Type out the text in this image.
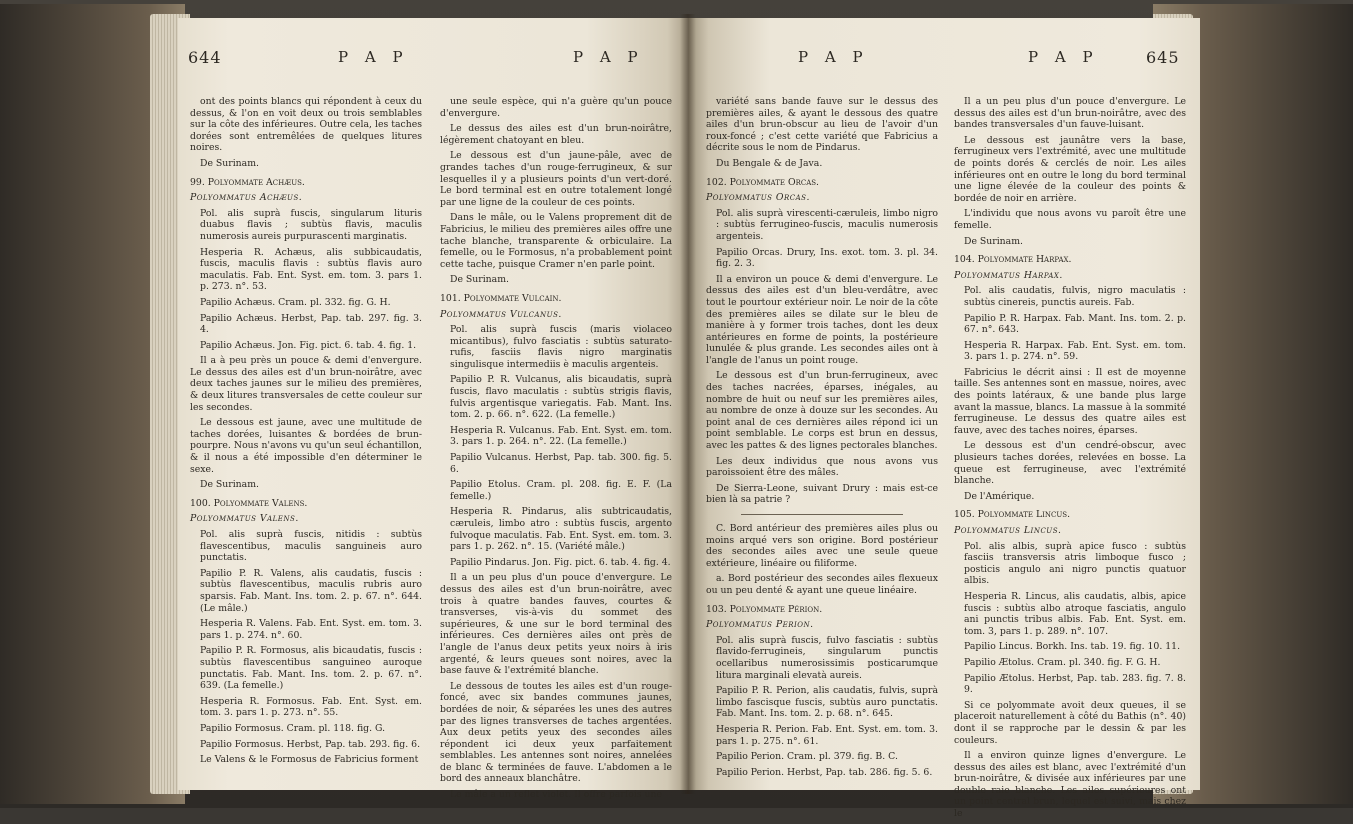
644	P A P	P A P

ont des points blancs qui répondent à ceux du dessus, & l'on en voit deux ou trois semblables sur la côte des inférieures. Outre cela, les taches dorées sont entremêlées de quelques litures noires.

De Surinam.

99. Polyommate Achæus.

Polyommatus Achæus.

Pol. alis suprà fuscis, singularum lituris duabus flavis ; subtùs flavis, maculis numerosis aureis purpurascenti marginatis.

Hesperia R. Achæus, alis subbicaudatis, fuscis, maculis flavis : subtùs flavis auro maculatis. Fab. Ent. Syst. em. tom. 3. pars 1. p. 273. n°. 53.

Papilio Achæus. Cram. pl. 332. fig. G. H.

Papilio Achæus. Herbst, Pap. tab. 297. fig. 3. 4.

Papilio Achæus. Jon. Fig. pict. 6. tab. 4. fig. 1.

Il a à peu près un pouce & demi d'envergure. Le dessus des ailes est d'un brun-noirâtre, avec deux taches jaunes sur le milieu des premières, & deux litures transversales de cette couleur sur les secondes.

Le dessous est jaune, avec une multitude de taches dorées, luisantes & bordées de brun-pourpre. Nous n'avons vu qu'un seul échantillon, & il nous a été impossible d'en déterminer le sexe.

De Surinam.

100. Polyommate Valens.

Polyommatus Valens.

Pol. alis suprà fuscis, nitidis : subtùs flavescentibus, maculis sanguineis auro punctatis.

Papilio P. R. Valens, alis caudatis, fuscis : subtùs flavescentibus, maculis rubris auro sparsis. Fab. Mant. Ins. tom. 2. p. 67. n°. 644. (Le mâle.)

Hesperia R. Valens. Fab. Ent. Syst. em. tom. 3. pars 1. p. 274. n°. 60.

Papilio P. R. Formosus, alis bicaudatis, fuscis : subtùs flavescentibus sanguineo auroque punctatis. Fab. Mant. Ins. tom. 2. p. 67. n°. 639. (La femelle.)

Hesperia R. Formosus. Fab. Ent. Syst. em. tom. 3. pars 1. p. 273. n°. 55.

Papilio Formosus. Cram. pl. 118. fig. G.

Papilio Formosus. Herbst, Pap. tab. 293. fig. 6.

Le Valens & le Formosus de Fabricius forment

une seule espèce, qui n'a guère qu'un pouce d'envergure.

Le dessus des ailes est d'un brun-noirâtre, légèrement chatoyant en bleu.

Le dessous est d'un jaune-pâle, avec de grandes taches d'un rouge-ferrugineux, & sur lesquelles il y a plusieurs points d'un vert-doré. Le bord terminal est en outre totalement longé par une ligne de la couleur de ces points.

Dans le mâle, ou le Valens proprement dit de Fabricius, le milieu des premières ailes offre une tache blanche, transparente & orbiculaire. La femelle, ou le Formosus, n'a probablement point cette tache, puisque Cramer n'en parle point.

De Surinam.

101. Polyommate Vulcain.

Polyommatus Vulcanus.

Pol. alis suprà fuscis (maris violaceo micantibus), fulvo fasciatis : subtùs saturato-rufis, fasciis flavis nigro marginatis singulisque intermediis è maculis argenteis.

Papilio P. R. Vulcanus, alis bicaudatis, suprà fuscis, flavo maculatis : subtùs strigis flavis, fulvis argentisque variegatis. Fab. Mant. Ins. tom. 2. p. 66. n°. 622. (La femelle.)

Hesperia R. Vulcanus. Fab. Ent. Syst. em. tom. 3. pars 1. p. 264. n°. 22. (La femelle.)

Papilio Vulcanus. Herbst, Pap. tab. 300. fig. 5. 6.

Papilio Etolus. Cram. pl. 208. fig. E. F. (La femelle.)

Hesperia R. Pindarus, alis subtricaudatis, cæruleis, limbo atro : subtùs fuscis, argento fulvoque maculatis. Fab. Ent. Syst. em. tom. 3. pars 1. p. 262. n°. 15. (Variété mâle.)

Papilio Pindarus. Jon. Fig. pict. 6. tab. 4. fig. 4.

Il a un peu plus d'un pouce d'envergure. Le dessus des ailes est d'un brun-noirâtre, avec trois à quatre bandes fauves, courtes & transverses, vis-à-vis du sommet des supérieures, & une sur le bord terminal des inférieures. Ces dernières ailes ont près de l'angle de l'anus deux petits yeux noirs à iris argenté, & leurs queues sont noires, avec la base fauve & l'extrémité blanche.

Le dessous de toutes les ailes est d'un rouge-foncé, avec six bandes communes jaunes, bordées de noir, & séparées les unes des autres par des lignes transverses de taches argentées. Aux deux petits yeux des secondes ailes répondent ici deux yeux parfaitement semblables. Les antennes sont noires, annelées de blanc & terminées de fauve. L'abdomen a le bord des anneaux blanchâtre.

Le mâle a un reflet violet. Il offre parfois une

P A P	P A P	645

variété sans bande fauve sur le dessus des premières ailes, & ayant le dessous des quatre ailes d'un brun-obscur au lieu de l'avoir d'un roux-foncé ; c'est cette variété que Fabricius a décrite sous le nom de Pindarus.

Du Bengale & de Java.

102. Polyommate Orcas.

Polyommatus Orcas.

Pol. alis suprà virescenti-cæruleis, limbo nigro : subtùs ferrugineo-fuscis, maculis numerosis argenteis.

Papilio Orcas. Drury, Ins. exot. tom. 3. pl. 34. fig. 2. 3.

Il a environ un pouce & demi d'envergure. Le dessus des ailes est d'un bleu-verdâtre, avec tout le pourtour extérieur noir. Le noir de la côte des premières ailes se dilate sur le bleu de manière à y former trois taches, dont les deux antérieures en forme de points, la postérieure lunulée & plus grande. Les secondes ailes ont à l'angle de l'anus un point rouge.

Le dessous est d'un brun-ferrugineux, avec des taches nacrées, éparses, inégales, au nombre de huit ou neuf sur les premières ailes, au nombre de onze à douze sur les secondes. Au point anal de ces dernières ailes répond ici un point semblable. Le corps est brun en dessus, avec les pattes & des lignes pectorales blanches.

Les deux individus que nous avons vus paroissoient être des mâles.

De Sierra-Leone, suivant Drury : mais est-ce bien là sa patrie ?

C. Bord antérieur des premières ailes plus ou moins arqué vers son origine. Bord postérieur des secondes ailes avec une seule queue extérieure, linéaire ou filiforme.

a. Bord postérieur des secondes ailes flexueux ou un peu denté & ayant une queue linéaire.

103. Polyommate Périon.

Polyommatus Perion.

Pol. alis suprà fuscis, fulvo fasciatis : subtùs flavido-ferrugineis, singularum punctis ocellaribus numerosissimis posticarumque litura marginali elevatà aureis.

Papilio P. R. Perion, alis caudatis, fulvis, suprà limbo fascisque fuscis, subtùs auro punctatis. Fab. Mant. Ins. tom. 2. p. 68. n°. 645.

Hesperia R. Perion. Fab. Ent. Syst. em. tom. 3. pars 1. p. 275. n°. 61.

Papilio Perion. Cram. pl. 379. fig. B. C.

Papilio Perion. Herbst, Pap. tab. 286. fig. 5. 6.

Il a un peu plus d'un pouce d'envergure. Le dessus des ailes est d'un brun-noirâtre, avec des bandes transversales d'un fauve-luisant.

Le dessous est jaunâtre vers la base, ferrugineux vers l'extrémité, avec une multitude de points dorés & cerclés de noir. Les ailes inférieures ont en outre le long du bord terminal une ligne élevée de la couleur des points & bordée de noir en arrière.

L'individu que nous avons vu paroît être une femelle.

De Surinam.

104. Polyommate Harpax.

Polyommatus Harpax.

Pol. alis caudatis, fulvis, nigro maculatis : subtùs cinereis, punctis aureis. Fab.

Papilio P. R. Harpax. Fab. Mant. Ins. tom. 2. p. 67. n°. 643.

Hesperia R. Harpax. Fab. Ent. Syst. em. tom. 3. pars 1. p. 274. n°. 59.

Fabricius le décrit ainsi : Il est de moyenne taille. Ses antennes sont en massue, noires, avec des points latéraux, & une bande plus large avant la massue, blancs. La massue à la sommité ferrugineuse. Le dessus des quatre ailes est fauve, avec des taches noires, éparses.

Le dessous est d'un cendré-obscur, avec plusieurs taches dorées, relevées en bosse. La queue est ferrugineuse, avec l'extrémité blanche.

De l'Amérique.

105. Polyommate Lincus.

Polyommatus Lincus.

Pol. alis albis, suprà apice fusco : subtùs fasciis transversis atris limboque fusco ; posticis angulo ani nigro punctis quatuor albis.

Hesperia R. Lincus, alis caudatis, albis, apice fuscis : subtùs albo atroque fasciatis, angulo ani punctis tribus albis. Fab. Ent. Syst. em. tom. 3, pars 1. p. 289. n°. 107.

Papilio Lincus. Borkh. Ins. tab. 19. fig. 10. 11.

Papilio Ætolus. Cram. pl. 340. fig. F. G. H.

Papilio Ætolus. Herbst, Pap. tab. 283. fig. 7. 8. 9.

Si ce polyommate avoit deux queues, il se placeroit naturellement à côté du Bathis (n°. 40) dont il se rapproche par le dessin & par les couleurs.

Il a environ quinze lignes d'envergure. Le dessus des ailes est blanc, avec l'extrémité d'un brun-noirâtre, & divisée aux inférieures par une double raie blanche. Les ailes supérieures ont un point central brun, lequel est suivi, mais chez le
